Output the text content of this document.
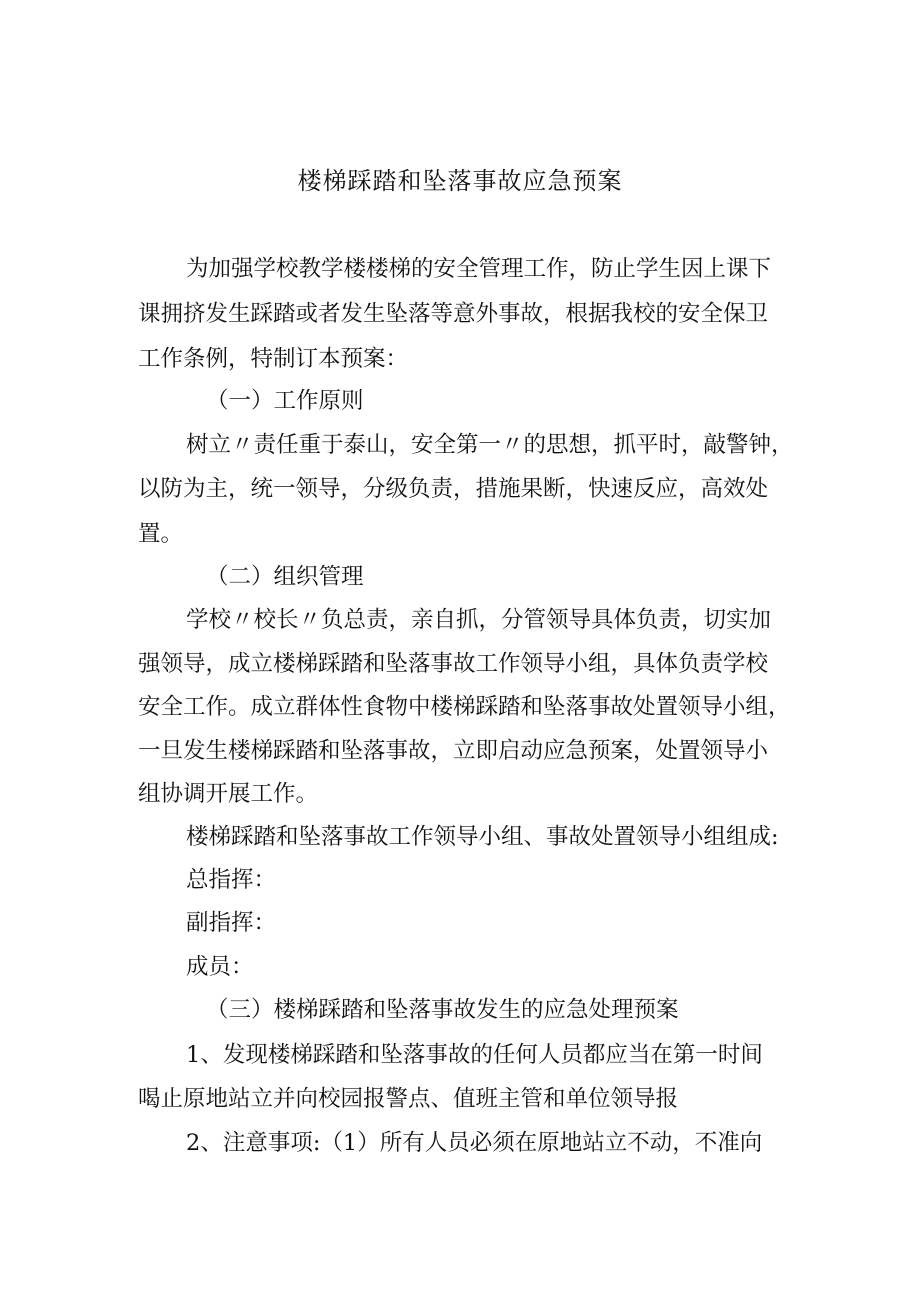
楼梯踩踏和坠落事故应急预案
为加强学校教学楼楼梯的安全管理工作，防止学生因上课下
课拥挤发生踩踏或者发生坠落等意外事故，根据我校的安全保卫
工作条例，特制订本预案：
（一）工作原则
树立〃责任重于泰山，安全第一〃的思想，抓平时，敲警钟，
以防为主，统一领导，分级负责，措施果断，快速反应，高效处
置。
（二）组织管理
学校〃校长〃负总责，亲自抓，分管领导具体负责，切实加
强领导，成立楼梯踩踏和坠落事故工作领导小组，具体负责学校
安全工作。成立群体性食物中楼梯踩踏和坠落事故处置领导小组，
一旦发生楼梯踩踏和坠落事故，立即启动应急预案，处置领导小
组协调开展工作。
楼梯踩踏和坠落事故工作领导小组、事故处置领导小组组成:
总指挥：
副指挥：
成员：
（三）楼梯踩踏和坠落事故发生的应急处理预案
1、发现楼梯踩踏和坠落事故的任何人员都应当在第一时间
喝止原地站立并向校园报警点、值班主管和单位领导报
2、注意事项:（1）所有人员必须在原地站立不动，不准向
